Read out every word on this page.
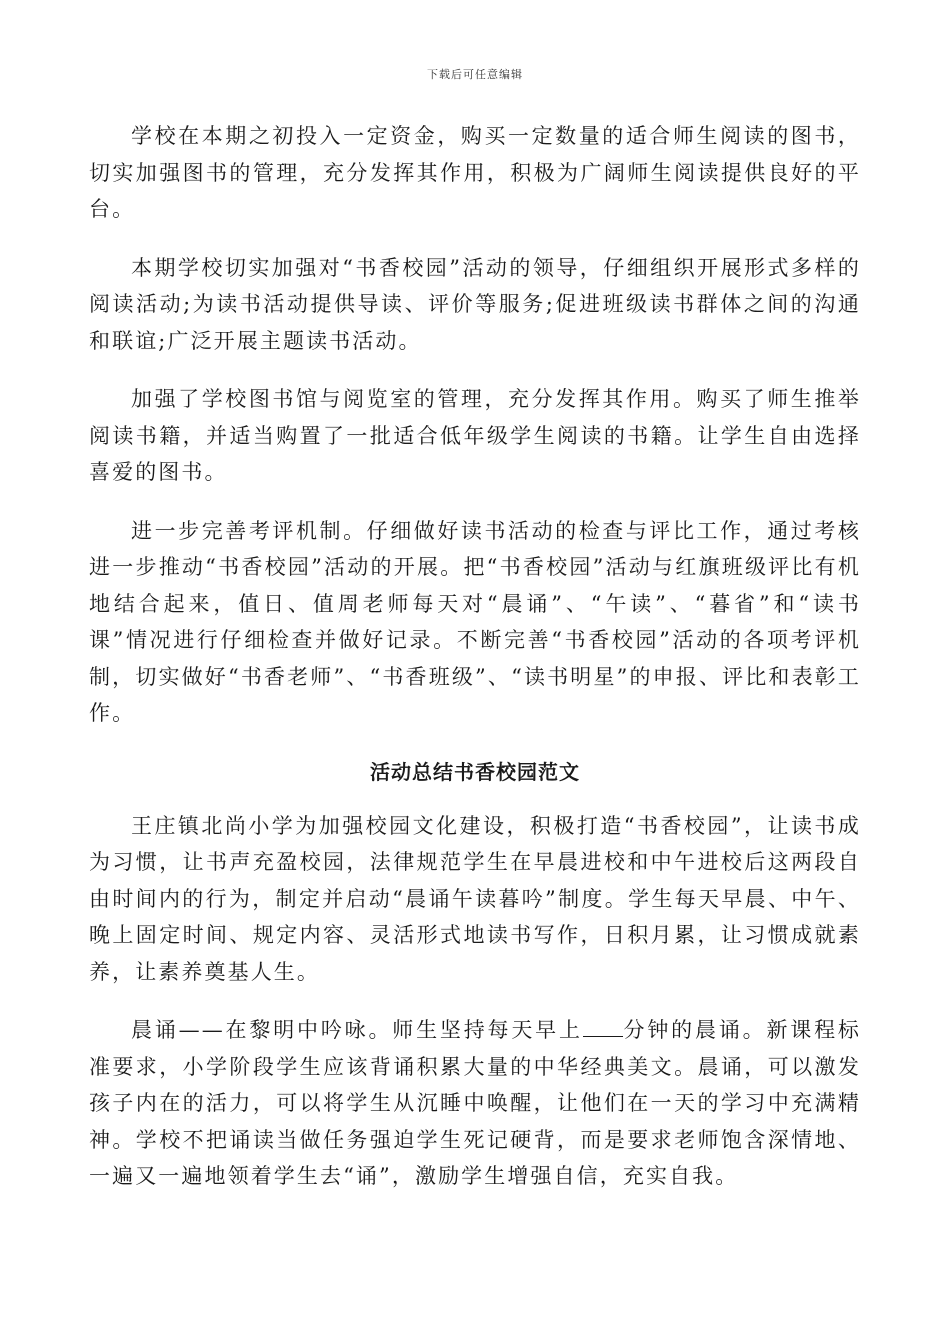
下载后可任意编辑

学校在本期之初投入一定资金，购买一定数量的适合师生阅读的图书，切实加强图书的管理，充分发挥其作用，积极为广阔师生阅读提供良好的平台。

本期学校切实加强对“书香校园”活动的领导，仔细组织开展形式多样的阅读活动;为读书活动提供导读、评价等服务;促进班级读书群体之间的沟通和联谊;广泛开展主题读书活动。

加强了学校图书馆与阅览室的管理，充分发挥其作用。购买了师生推举阅读书籍，并适当购置了一批适合低年级学生阅读的书籍。让学生自由选择喜爱的图书。

进一步完善考评机制。仔细做好读书活动的检查与评比工作，通过考核进一步推动“书香校园”活动的开展。把“书香校园”活动与红旗班级评比有机地结合起来，值日、值周老师每天对“晨诵”、“午读”、“暮省”和“读书课”情况进行仔细检查并做好记录。不断完善“书香校园”活动的各项考评机制，切实做好“书香老师”、“书香班级”、“读书明星”的申报、评比和表彰工作。

活动总结书香校园范文

王庄镇北尚小学为加强校园文化建设，积极打造“书香校园”，让读书成为习惯，让书声充盈校园，法律规范学生在早晨进校和中午进校后这两段自由时间内的行为，制定并启动“晨诵午读暮吟”制度。学生每天早晨、中午、晚上固定时间、规定内容、灵活形式地读书写作，日积月累，让习惯成就素养，让素养奠基人生。

晨诵——在黎明中吟咏。师生坚持每天早上 分钟的晨诵。新课程标准要求，小学阶段学生应该背诵积累大量的中华经典美文。晨诵，可以激发孩子内在的活力，可以将学生从沉睡中唤醒，让他们在一天的学习中充满精神。学校不把诵读当做任务强迫学生死记硬背，而是要求老师饱含深情地、一遍又一遍地领着学生去“诵”，激励学生增强自信，充实自我。
